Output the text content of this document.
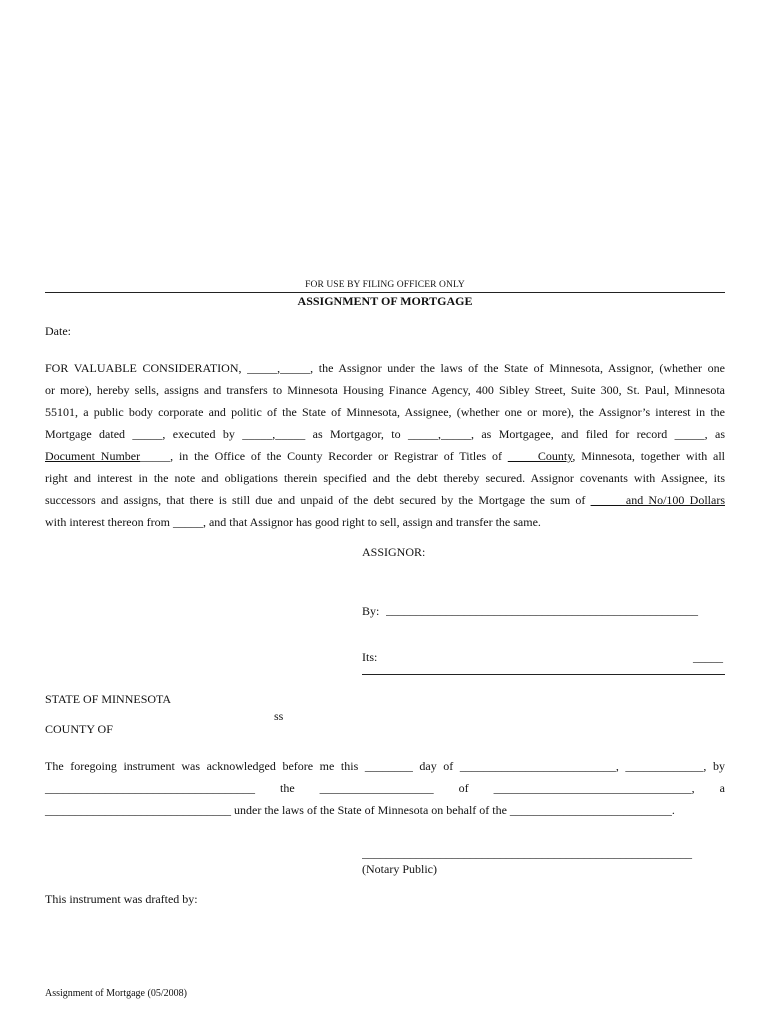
FOR USE BY FILING OFFICER ONLY
ASSIGNMENT OF MORTGAGE
Date:
FOR VALUABLE CONSIDERATION, _____,_____, the Assignor under the laws of the State of Minnesota, Assignor, (whether one
or more), hereby sells, assigns and transfers to Minnesota Housing Finance Agency, 400 Sibley Street, Suite 300, St. Paul, Minnesota
55101, a public body corporate and politic of the State of Minnesota, Assignee, (whether one or more), the Assignor’s interest in the
Mortgage dated _____, executed by _____,_____ as Mortgagor, to _____,_____, as Mortgagee, and filed for record _____, as
Document Number_____, in the Office of the County Recorder or Registrar of Titles of _____County, Minnesota, together with all
right and interest in the note and obligations therein specified and the debt thereby secured. Assignor covenants with Assignee, its
successors and assigns, that there is still due and unpaid of the debt secured by the Mortgage the sum of _____ and No/100 Dollars
with interest thereon from _____, and that Assignor has good right to sell, assign and transfer the same.
ASSIGNOR:
By: ____________________________________________________
Its:	_____
STATE OF MINNESOTA
ss
COUNTY OF
The foregoing instrument was acknowledged before me this ________ day of __________________________, _____________, by
___________________________________ the ___________________ of _________________________________, a
_______________________________ under the laws of the State of Minnesota on behalf of the ___________________________.
_______________________________________________________
(Notary Public)
This instrument was drafted by:
Assignment of Mortgage (05/2008)
